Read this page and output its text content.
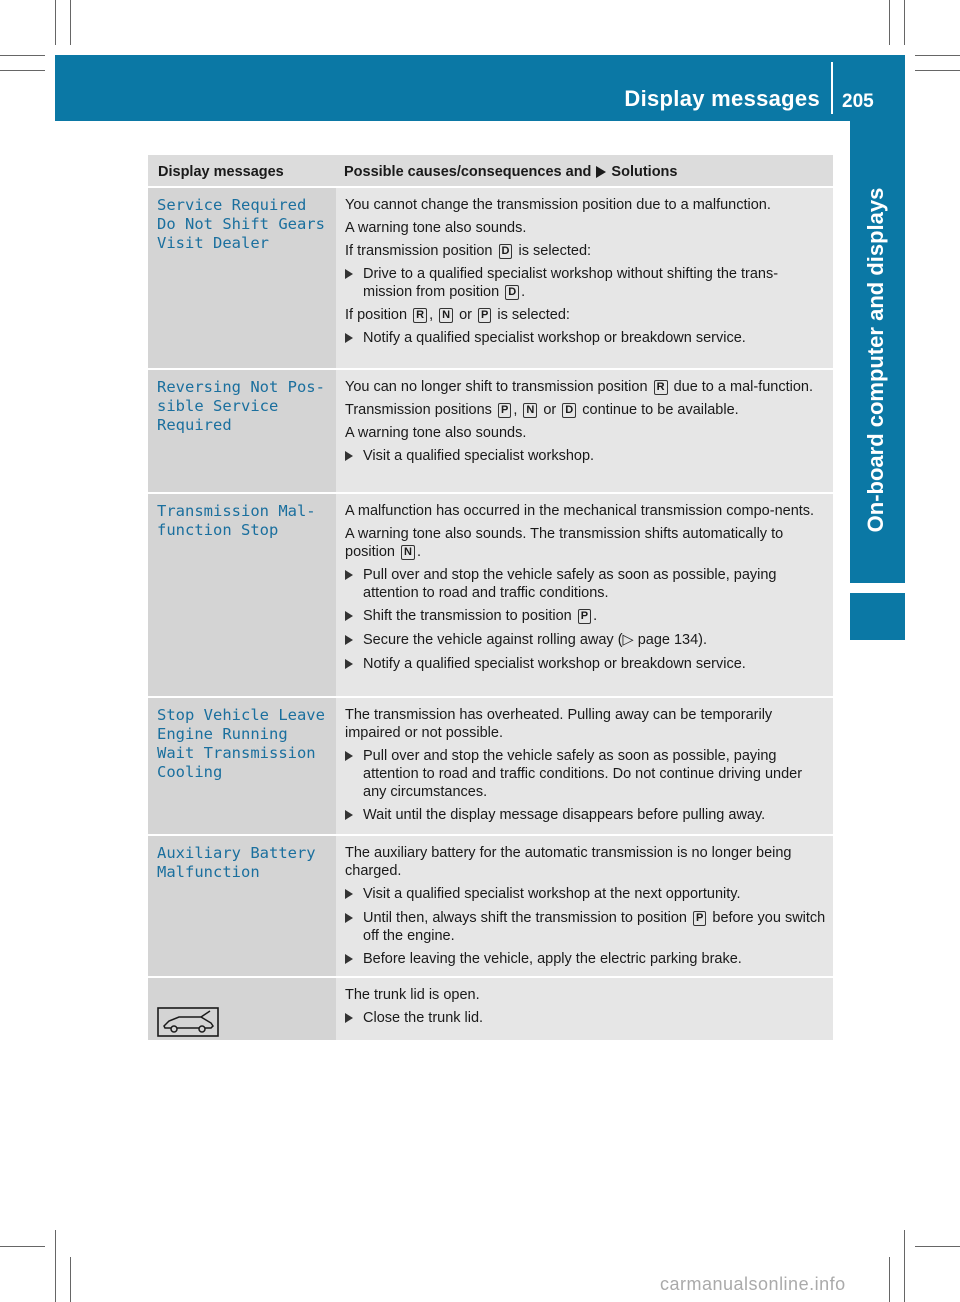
Display messages 205
On-board computer and displays
Display messages	Possible causes/consequences and Solutions
Service Required
Do Not Shift Gears
Visit Dealer
You cannot change the transmission position due to a malfunction.
A warning tone also sounds.
If transmission position D is selected:
Drive to a qualified specialist workshop without shifting the trans-mission from position D .
If position R , N or P is selected:
Notify a qualified specialist workshop or breakdown service.
Reversing Not Pos‑
sible Service
Required
You can no longer shift to transmission position R due to a mal-function.
Transmission positions P , N or D continue to be available.
A warning tone also sounds.
Visit a qualified specialist workshop.
Transmission Mal‑
function Stop
A malfunction has occurred in the mechanical transmission compo-nents.
A warning tone also sounds. The transmission shifts automatically to position N .
Pull over and stop the vehicle safely as soon as possible, paying attention to road and traffic conditions.
Shift the transmission to position P .
Secure the vehicle against rolling away (▷ page 134).
Notify a qualified specialist workshop or breakdown service.
Stop Vehicle Leave
Engine Running
Wait Transmission
Cooling
The transmission has overheated. Pulling away can be temporarily impaired or not possible.
Pull over and stop the vehicle safely as soon as possible, paying attention to road and traffic conditions. Do not continue driving under any circumstances.
Wait until the display message disappears before pulling away.
Auxiliary Battery
Malfunction
The auxiliary battery for the automatic transmission is no longer being charged.
Visit a qualified specialist workshop at the next opportunity.
Until then, always shift the transmission to position P before you switch off the engine.
Before leaving the vehicle, apply the electric parking brake.

The trunk lid is open.
Close the trunk lid.
carmanualsonline.info
